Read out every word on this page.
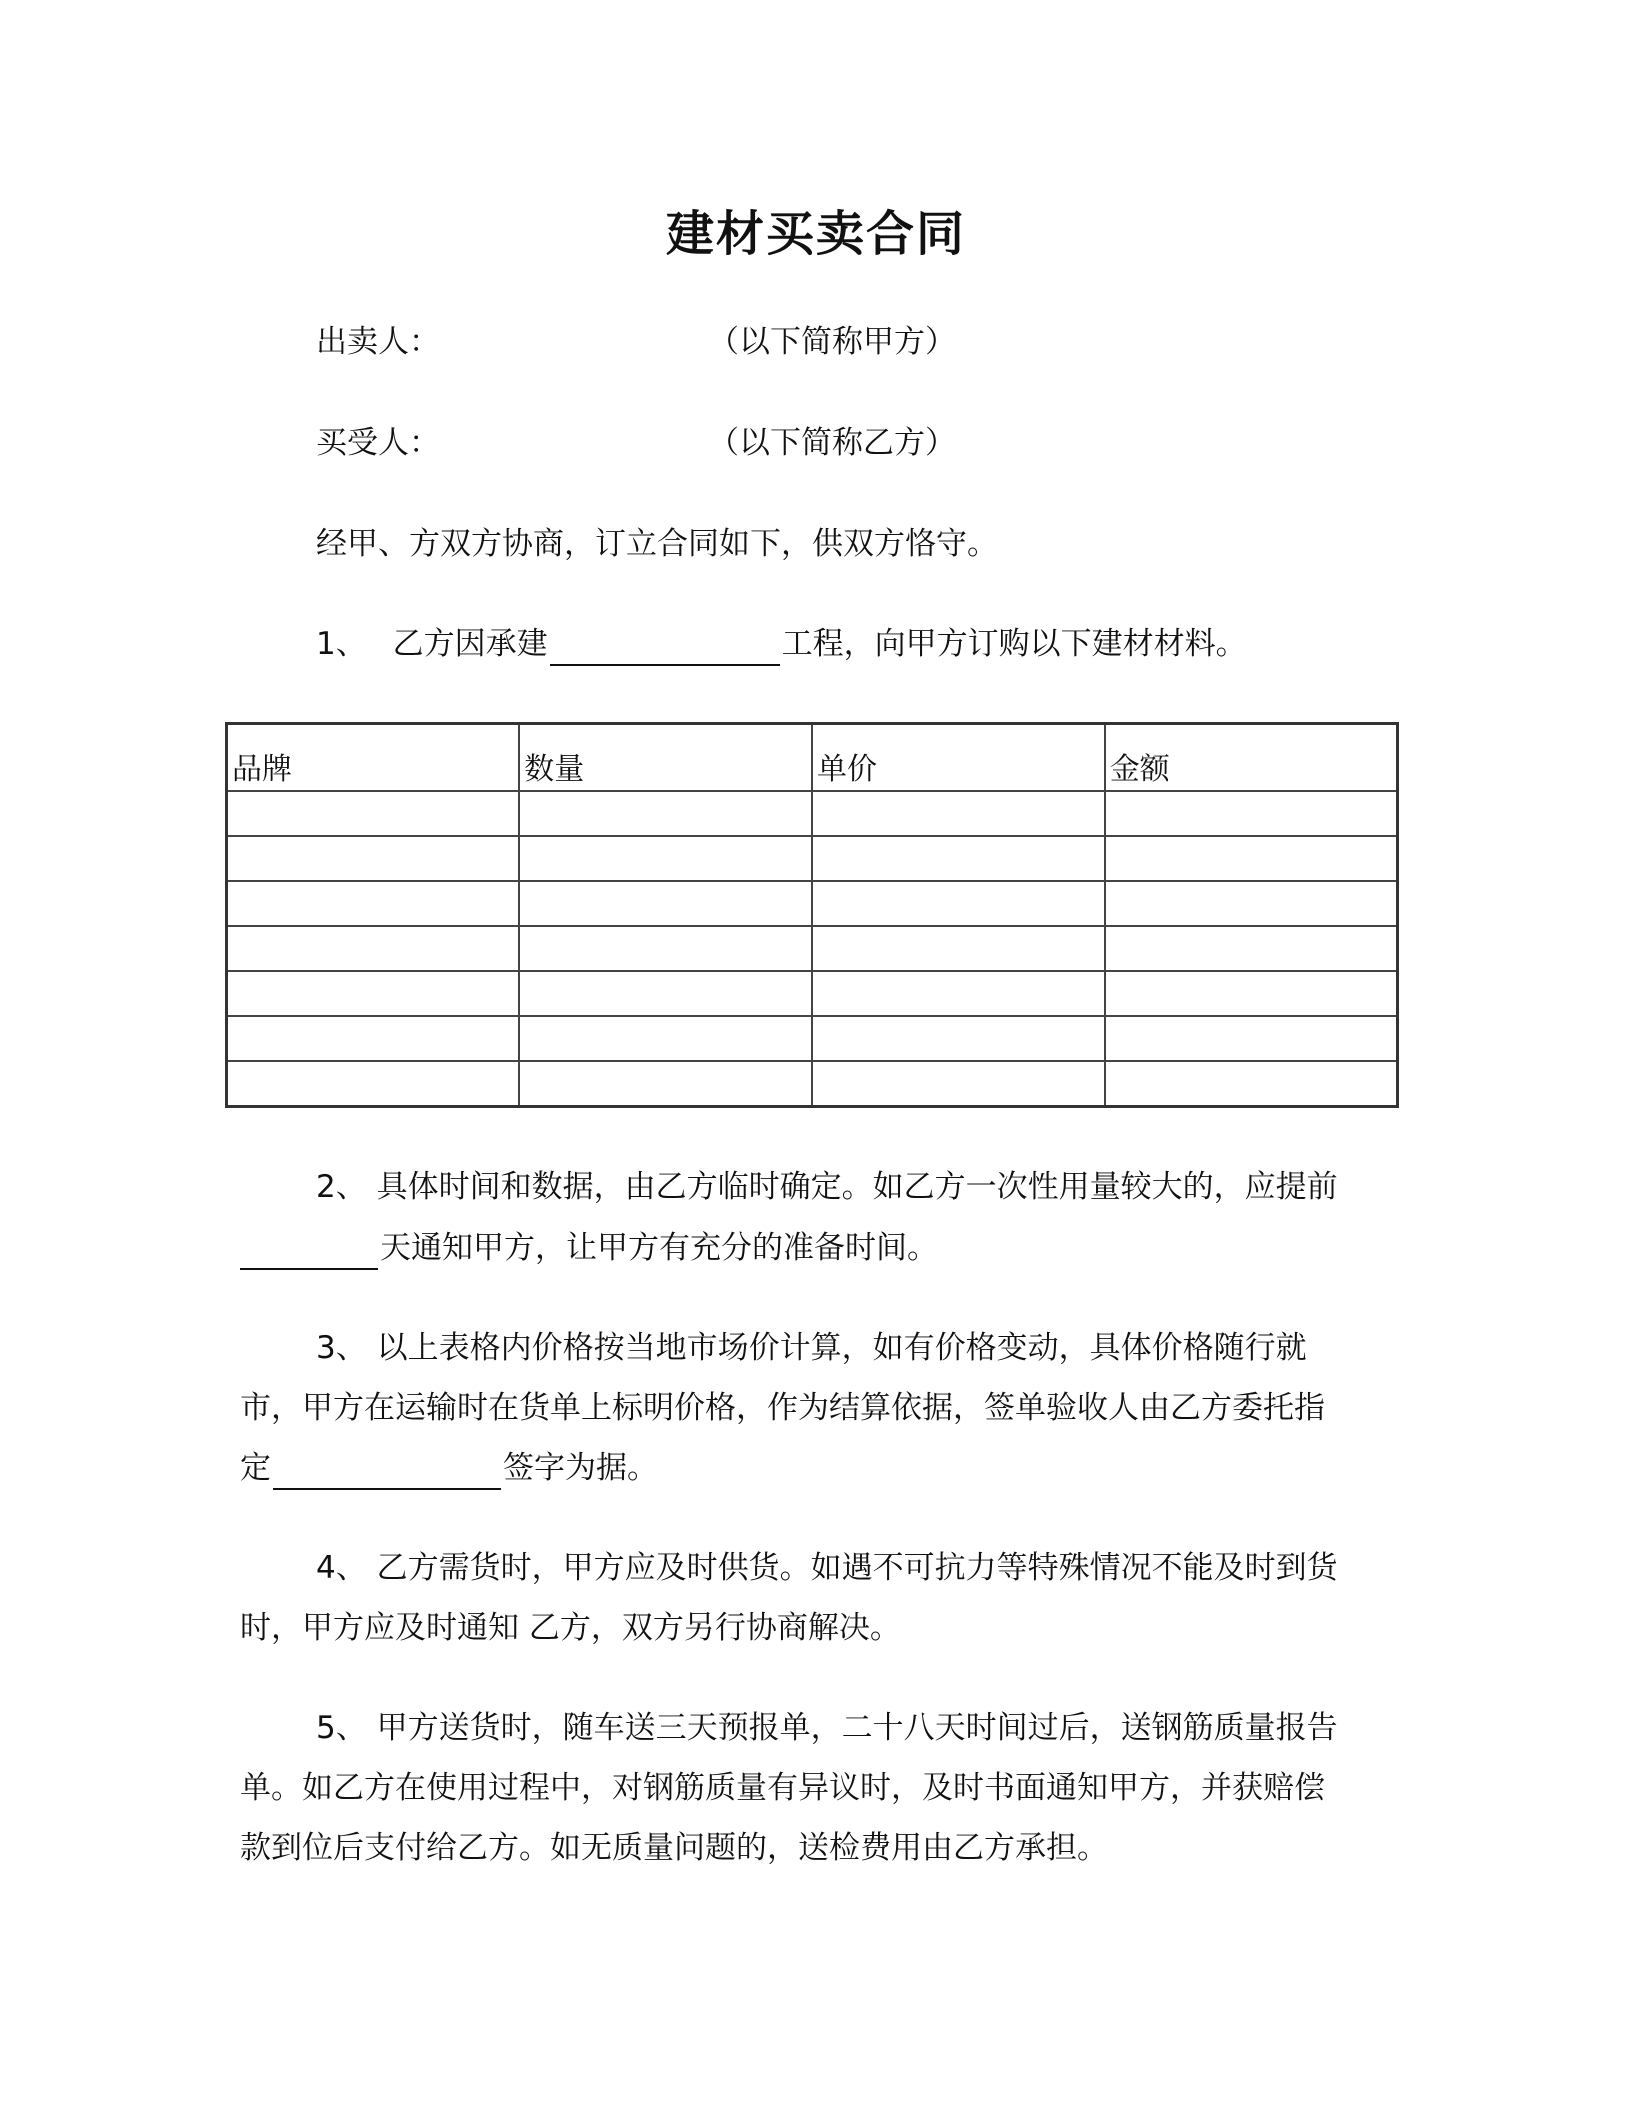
建材买卖合同
出卖人：	（以下简称甲方）
买受人：	（以下简称乙方）
经甲、方双方协商，订立合同如下，供双方恪守。
1、 乙方因承建	工程，向甲方订购以下建材材料。
品牌	数量	单价	金额

2、 具体时间和数据，由乙方临时确定。如乙方一次性用量较大的，应提前
天通知甲方，让甲方有充分的准备时间。
3、 以上表格内价格按当地市场价计算，如有价格变动，具体价格随行就
市，甲方在运输时在货单上标明价格，作为结算依据，签单验收人由乙方委托指
定	签字为据。
4、 乙方需货时，甲方应及时供货。如遇不可抗力等特殊情况不能及时到货
时，甲方应及时通知 乙方，双方另行协商解决。
5、 甲方送货时，随车送三天预报单，二十八天时间过后，送钢筋质量报告
单。如乙方在使用过程中，对钢筋质量有异议时，及时书面通知甲方，并获赔偿
款到位后支付给乙方。如无质量问题的，送检费用由乙方承担。
